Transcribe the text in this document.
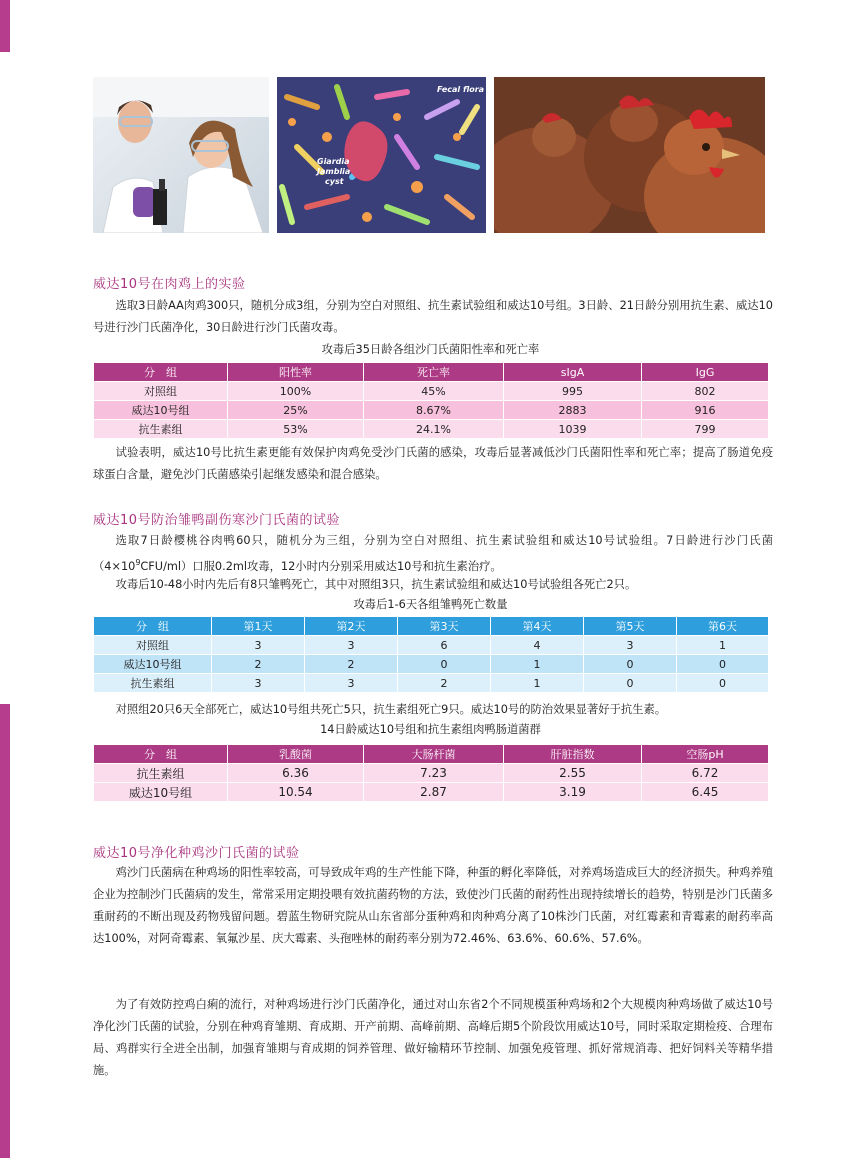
Fecal flora
Giardia
Jamblia
cyst
威达10号在肉鸡上的实验
选取3日龄AA肉鸡300只，随机分成3组，分别为空白对照组、抗生素试验组和威达10号组。3日龄、21日龄分别用抗生素、威达10号进行沙门氏菌净化，30日龄进行沙门氏菌攻毒。
攻毒后35日龄各组沙门氏菌阳性率和死亡率
分　组	阳性率	死亡率	sIgA	IgG
对照组	100%	45%	995	802
威达10号组	25%	8.67%	2883	916
抗生素组	53%	24.1%	1039	799
试验表明，威达10号比抗生素更能有效保护肉鸡免受沙门氏菌的感染，攻毒后显著减低沙门氏菌阳性率和死亡率；提高了肠道免疫球蛋白含量，避免沙门氏菌感染引起继发感染和混合感染。
威达10号防治雏鸭副伤寒沙门氏菌的试验
选取7日龄樱桃谷肉鸭60只，随机分为三组，分别为空白对照组、抗生素试验组和威达10号试验组。7日龄进行沙门氏菌$(4\times 10^9CFU/ml)$口服0.2ml攻毒，12小时内分别采用威达10号和抗生素治疗。
攻毒后10-48小时内先后有8只雏鸭死亡，其中对照组3只，抗生素试验组和威达10号试验组各死亡2只。
攻毒后1-6天各组雏鸭死亡数量
分　组	第1天	第2天	第3天	第4天	第5天	第6天
对照组	3	3	6	4	3	1
威达10号组	2	2	0	1	0	0
抗生素组	3	3	2	1	0	0
对照组20只6天全部死亡，威达10号组共死亡5只，抗生素组死亡9只。威达10号的防治效果显著好于抗生素。
14日龄威达10号组和抗生素组肉鸭肠道菌群
分　组	乳酸菌	大肠杆菌	肝脏指数	空肠pH
抗生素组	6.36	7.23	2.55	6.72
威达10号组	10.54	2.87	3.19	6.45
威达10号净化种鸡沙门氏菌的试验
鸡沙门氏菌病在种鸡场的阳性率较高，可导致成年鸡的生产性能下降，种蛋的孵化率降低，对养鸡场造成巨大的经济损失。种鸡养殖企业为控制沙门氏菌病的发生，常常采用定期投喂有效抗菌药物的方法，致使沙门氏菌的耐药性出现持续增长的趋势，特别是沙门氏菌多重耐药的不断出现及药物残留问题。碧蓝生物研究院从山东省部分蛋种鸡和肉种鸡分离了10株沙门氏菌，对红霉素和青霉素的耐药率高达100%，对阿奇霉素、氧氟沙星、庆大霉素、头孢唑林的耐药率分别为72.46%、63.6%、60.6%、57.6%。
为了有效防控鸡白痢的流行，对种鸡场进行沙门氏菌净化，通过对山东省2个不同规模蛋种鸡场和2个大规模肉种鸡场做了威达10号净化沙门氏菌的试验，分别在种鸡育雏期、育成期、开产前期、高峰前期、高峰后期5个阶段饮用威达10号，同时采取定期检疫、合理布局、鸡群实行全进全出制，加强育雏期与育成期的饲养管理、做好输精环节控制、加强免疫管理、抓好常规消毒、把好饲料关等精华措施。
